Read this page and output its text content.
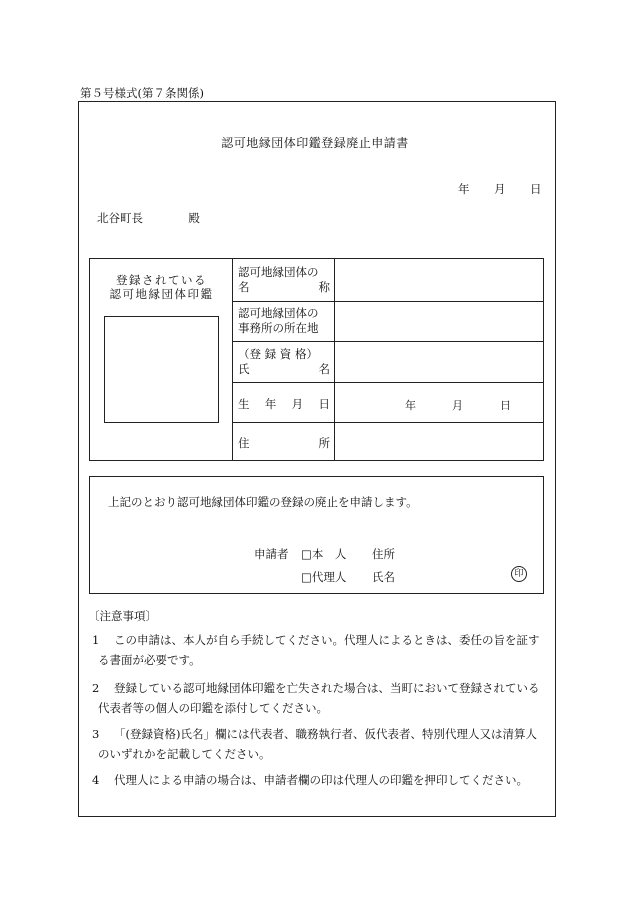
第５号様式(第７条関係)
認可地縁団体印鑑登録廃止申請書
年 月 日
北谷町長	殿
登録されている
認可地縁団体印鑑
認可地縁団体の
名	称
認可地縁団体の
事務所の所在地
（登 録 資 格）
氏	名
生 年 月 日	年	月	日
住	所
上記のとおり認可地縁団体印鑑の登録の廃止を申請します。
申請者 □本　人 住所
□代理人 氏名	印
〔注意事項〕
1 この申請は、本人が自ら手続してください。代理人によるときは、委任の旨を証す
る書面が必要です。
2 登録している認可地縁団体印鑑を亡失された場合は、当町において登録されている
代表者等の個人の印鑑を添付してください。
3 「(登録資格)氏名」欄には代表者、職務執行者、仮代表者、特別代理人又は清算人
のいずれかを記載してください。
4 代理人による申請の場合は、申請者欄の印は代理人の印鑑を押印してください。
